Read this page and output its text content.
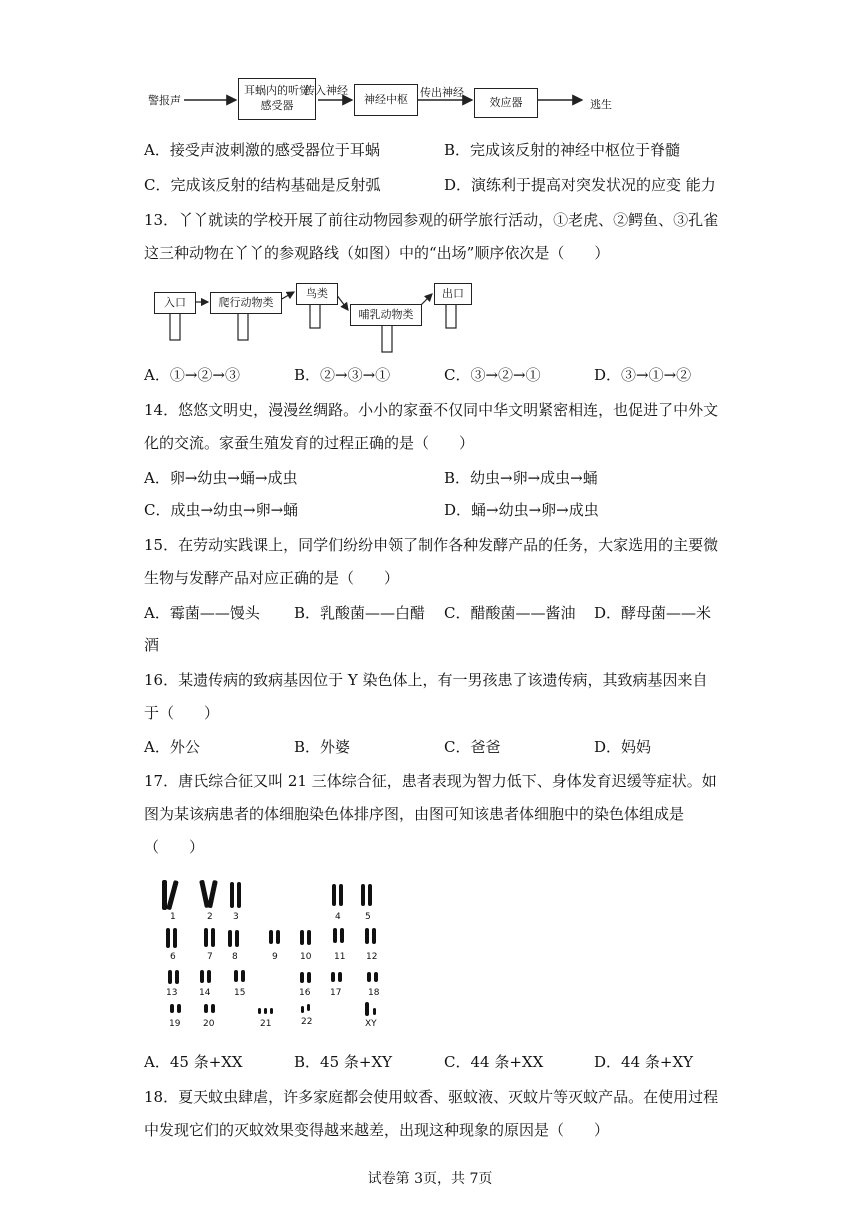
警报声
耳蜗内的听觉感受器
传入神经
神经中枢
传出神经
效应器	逃生
A．接受声波刺激的感受器位于耳蜗	B．完成该反射的神经中枢位于脊髓
C．完成该反射的结构基础是反射弧	D．演练利于提高对突发状况的应变 能力
13．丫丫就读的学校开展了前往动物园参观的研学旅行活动，①老虎、②鳄鱼、③孔雀
这三种动物在丫丫的参观路线（如图）中的“出场”顺序依次是（　　）
入口	爬行动物类
鸟类
哺乳动物类
出口
A．①→②→③	B．②→③→①	C．③→②→①	D．③→①→②
14．悠悠文明史，漫漫丝绸路。小小的家蚕不仅同中华文明紧密相连，也促进了中外文
化的交流。家蚕生殖发育的过程正确的是（　　）
A．卵→幼虫→蛹→成虫	B．幼虫→卵→成虫→蛹
C．成虫→幼虫→卵→蛹	D．蛹→幼虫→卵→成虫
15．在劳动实践课上，同学们纷纷申领了制作各种发酵产品的任务，大家选用的主要微
生物与发酵产品对应正确的是（　　）
A．霉菌——馒头 B．乳酸菌——白醋 C．醋酸菌——酱油 D．酵母菌——米
酒
16．某遗传病的致病基因位于 Y 染色体上，有一男孩患了该遗传病，其致病基因来自
于（　　）
A．外公	B．外婆	C．爸爸	D．妈妈
17．唐氏综合征又叫 21 三体综合征，患者表现为智力低下、身体发育迟缓等症状。如
图为某该病患者的体细胞染色体排序图，由图可知该患者体细胞中的染色体组成是
（　　）
1	2 3	4	5
6	7 8	9 10	11 12
13 14	15	16 17	18
19	20	21	22	XY
A．45 条+XX	B．45 条+XY	C．44 条+XX	D．44 条+XY
18．夏天蚊虫肆虐，许多家庭都会使用蚊香、驱蚊液、灭蚊片等灭蚊产品。在使用过程
中发现它们的灭蚊效果变得越来越差，出现这种现象的原因是（　　）
试卷第 3页，共 7页
